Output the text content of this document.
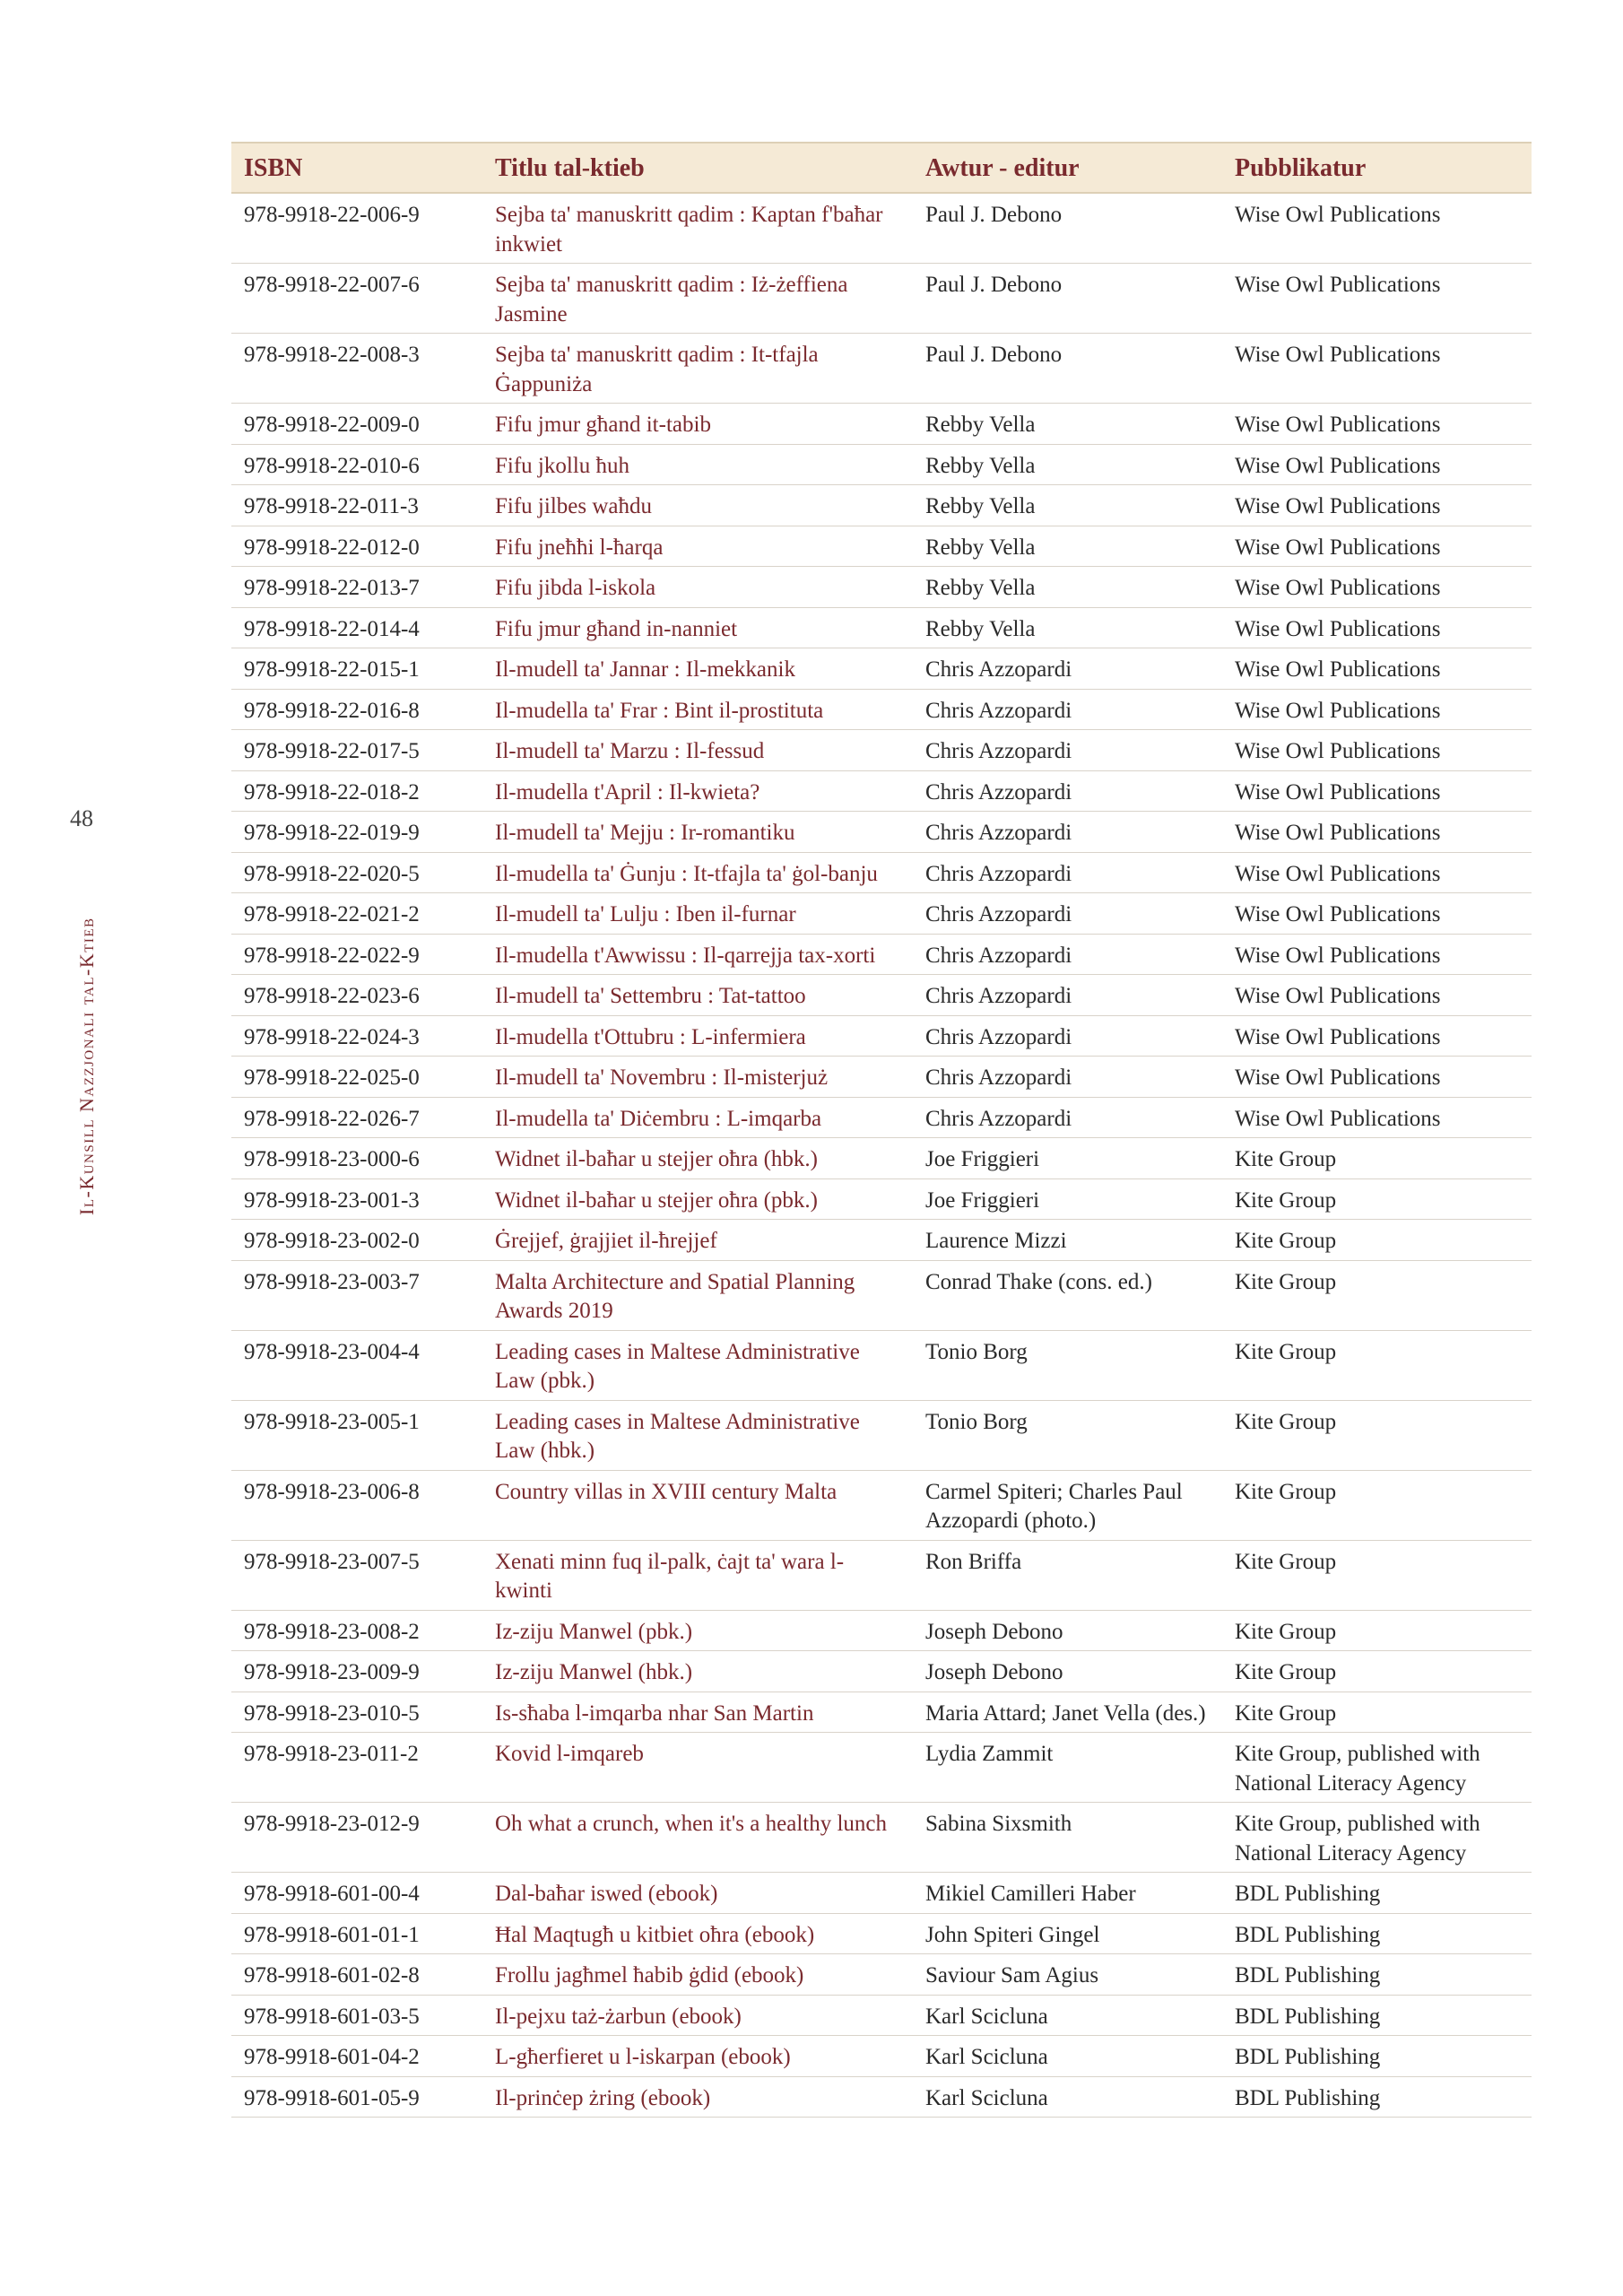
48
Il-Kunsill Nazzjonali tal-Ktieb
ISBN	Titlu tal-ktieb	Awtur - editur	Pubblikatur
978-9918-22-006-9	Sejba ta' manuskritt qadim : Kaptan f'baħar inkwiet	Paul J. Debono	Wise Owl Publications
978-9918-22-007-6	Sejba ta' manuskritt qadim : Iż-żeffiena Jasmine	Paul J. Debono	Wise Owl Publications
978-9918-22-008-3	Sejba ta' manuskritt qadim : It-tfajla Ġappuniża	Paul J. Debono	Wise Owl Publications
978-9918-22-009-0	Fifu jmur għand it-tabib	Rebby Vella	Wise Owl Publications
978-9918-22-010-6	Fifu jkollu ħuh	Rebby Vella	Wise Owl Publications
978-9918-22-011-3	Fifu jilbes waħdu	Rebby Vella	Wise Owl Publications
978-9918-22-012-0	Fifu jneħħi l-ħarqa	Rebby Vella	Wise Owl Publications
978-9918-22-013-7	Fifu jibda l-iskola	Rebby Vella	Wise Owl Publications
978-9918-22-014-4	Fifu jmur għand in-nanniet	Rebby Vella	Wise Owl Publications
978-9918-22-015-1	Il-mudell ta' Jannar : Il-mekkanik	Chris Azzopardi	Wise Owl Publications
978-9918-22-016-8	Il-mudella ta' Frar : Bint il-prostituta	Chris Azzopardi	Wise Owl Publications
978-9918-22-017-5	Il-mudell ta' Marzu : Il-fessud	Chris Azzopardi	Wise Owl Publications
978-9918-22-018-2	Il-mudella t'April : Il-kwieta?	Chris Azzopardi	Wise Owl Publications
978-9918-22-019-9	Il-mudell ta' Mejju : Ir-romantiku	Chris Azzopardi	Wise Owl Publications
978-9918-22-020-5	Il-mudella ta' Ġunju : It-tfajla ta' ġol-banju	Chris Azzopardi	Wise Owl Publications
978-9918-22-021-2	Il-mudell ta' Lulju : Iben il-furnar	Chris Azzopardi	Wise Owl Publications
978-9918-22-022-9	Il-mudella t'Awwissu : Il-qarrejja tax-xorti	Chris Azzopardi	Wise Owl Publications
978-9918-22-023-6	Il-mudell ta' Settembru : Tat-tattoo	Chris Azzopardi	Wise Owl Publications
978-9918-22-024-3	Il-mudella t'Ottubru : L-infermiera	Chris Azzopardi	Wise Owl Publications
978-9918-22-025-0	Il-mudell ta' Novembru : Il-misterjuż	Chris Azzopardi	Wise Owl Publications
978-9918-22-026-7	Il-mudella ta' Diċembru : L-imqarba	Chris Azzopardi	Wise Owl Publications
978-9918-23-000-6	Widnet il-baħar u stejjer oħra (hbk.)	Joe Friggieri	Kite Group
978-9918-23-001-3	Widnet il-baħar u stejjer oħra (pbk.)	Joe Friggieri	Kite Group
978-9918-23-002-0	Ġrejjef, ġrajjiet il-ħrejjef	Laurence Mizzi	Kite Group
978-9918-23-003-7	Malta Architecture and Spatial Planning Awards 2019	Conrad Thake (cons. ed.)	Kite Group
978-9918-23-004-4	Leading cases in Maltese Administrative Law (pbk.)	Tonio Borg	Kite Group
978-9918-23-005-1	Leading cases in Maltese Administrative Law (hbk.)	Tonio Borg	Kite Group
978-9918-23-006-8	Country villas in XVIII century Malta	Carmel Spiteri; Charles Paul Azzopardi (photo.)	Kite Group
978-9918-23-007-5	Xenati minn fuq il-palk, ċajt ta' wara l-kwinti	Ron Briffa	Kite Group
978-9918-23-008-2	Iz-ziju Manwel (pbk.)	Joseph Debono	Kite Group
978-9918-23-009-9	Iz-ziju Manwel (hbk.)	Joseph Debono	Kite Group
978-9918-23-010-5	Is-sħaba l-imqarba nhar San Martin	Maria Attard; Janet Vella (des.)	Kite Group
978-9918-23-011-2	Kovid l-imqareb	Lydia Zammit	Kite Group, published with National Literacy Agency
978-9918-23-012-9	Oh what a crunch, when it's a healthy lunch	Sabina Sixsmith	Kite Group, published with National Literacy Agency
978-9918-601-00-4	Dal-baħar iswed (ebook)	Mikiel Camilleri Haber	BDL Publishing
978-9918-601-01-1	Ħal Maqtugħ u kitbiet oħra (ebook)	John Spiteri Gingel	BDL Publishing
978-9918-601-02-8	Frollu jagħmel ħabib ġdid (ebook)	Saviour Sam Agius	BDL Publishing
978-9918-601-03-5	Il-pejxu taż-żarbun (ebook)	Karl Scicluna	BDL Publishing
978-9918-601-04-2	L-għerfieret u l-iskarpan (ebook)	Karl Scicluna	BDL Publishing
978-9918-601-05-9	Il-prinċep żring (ebook)	Karl Scicluna	BDL Publishing
